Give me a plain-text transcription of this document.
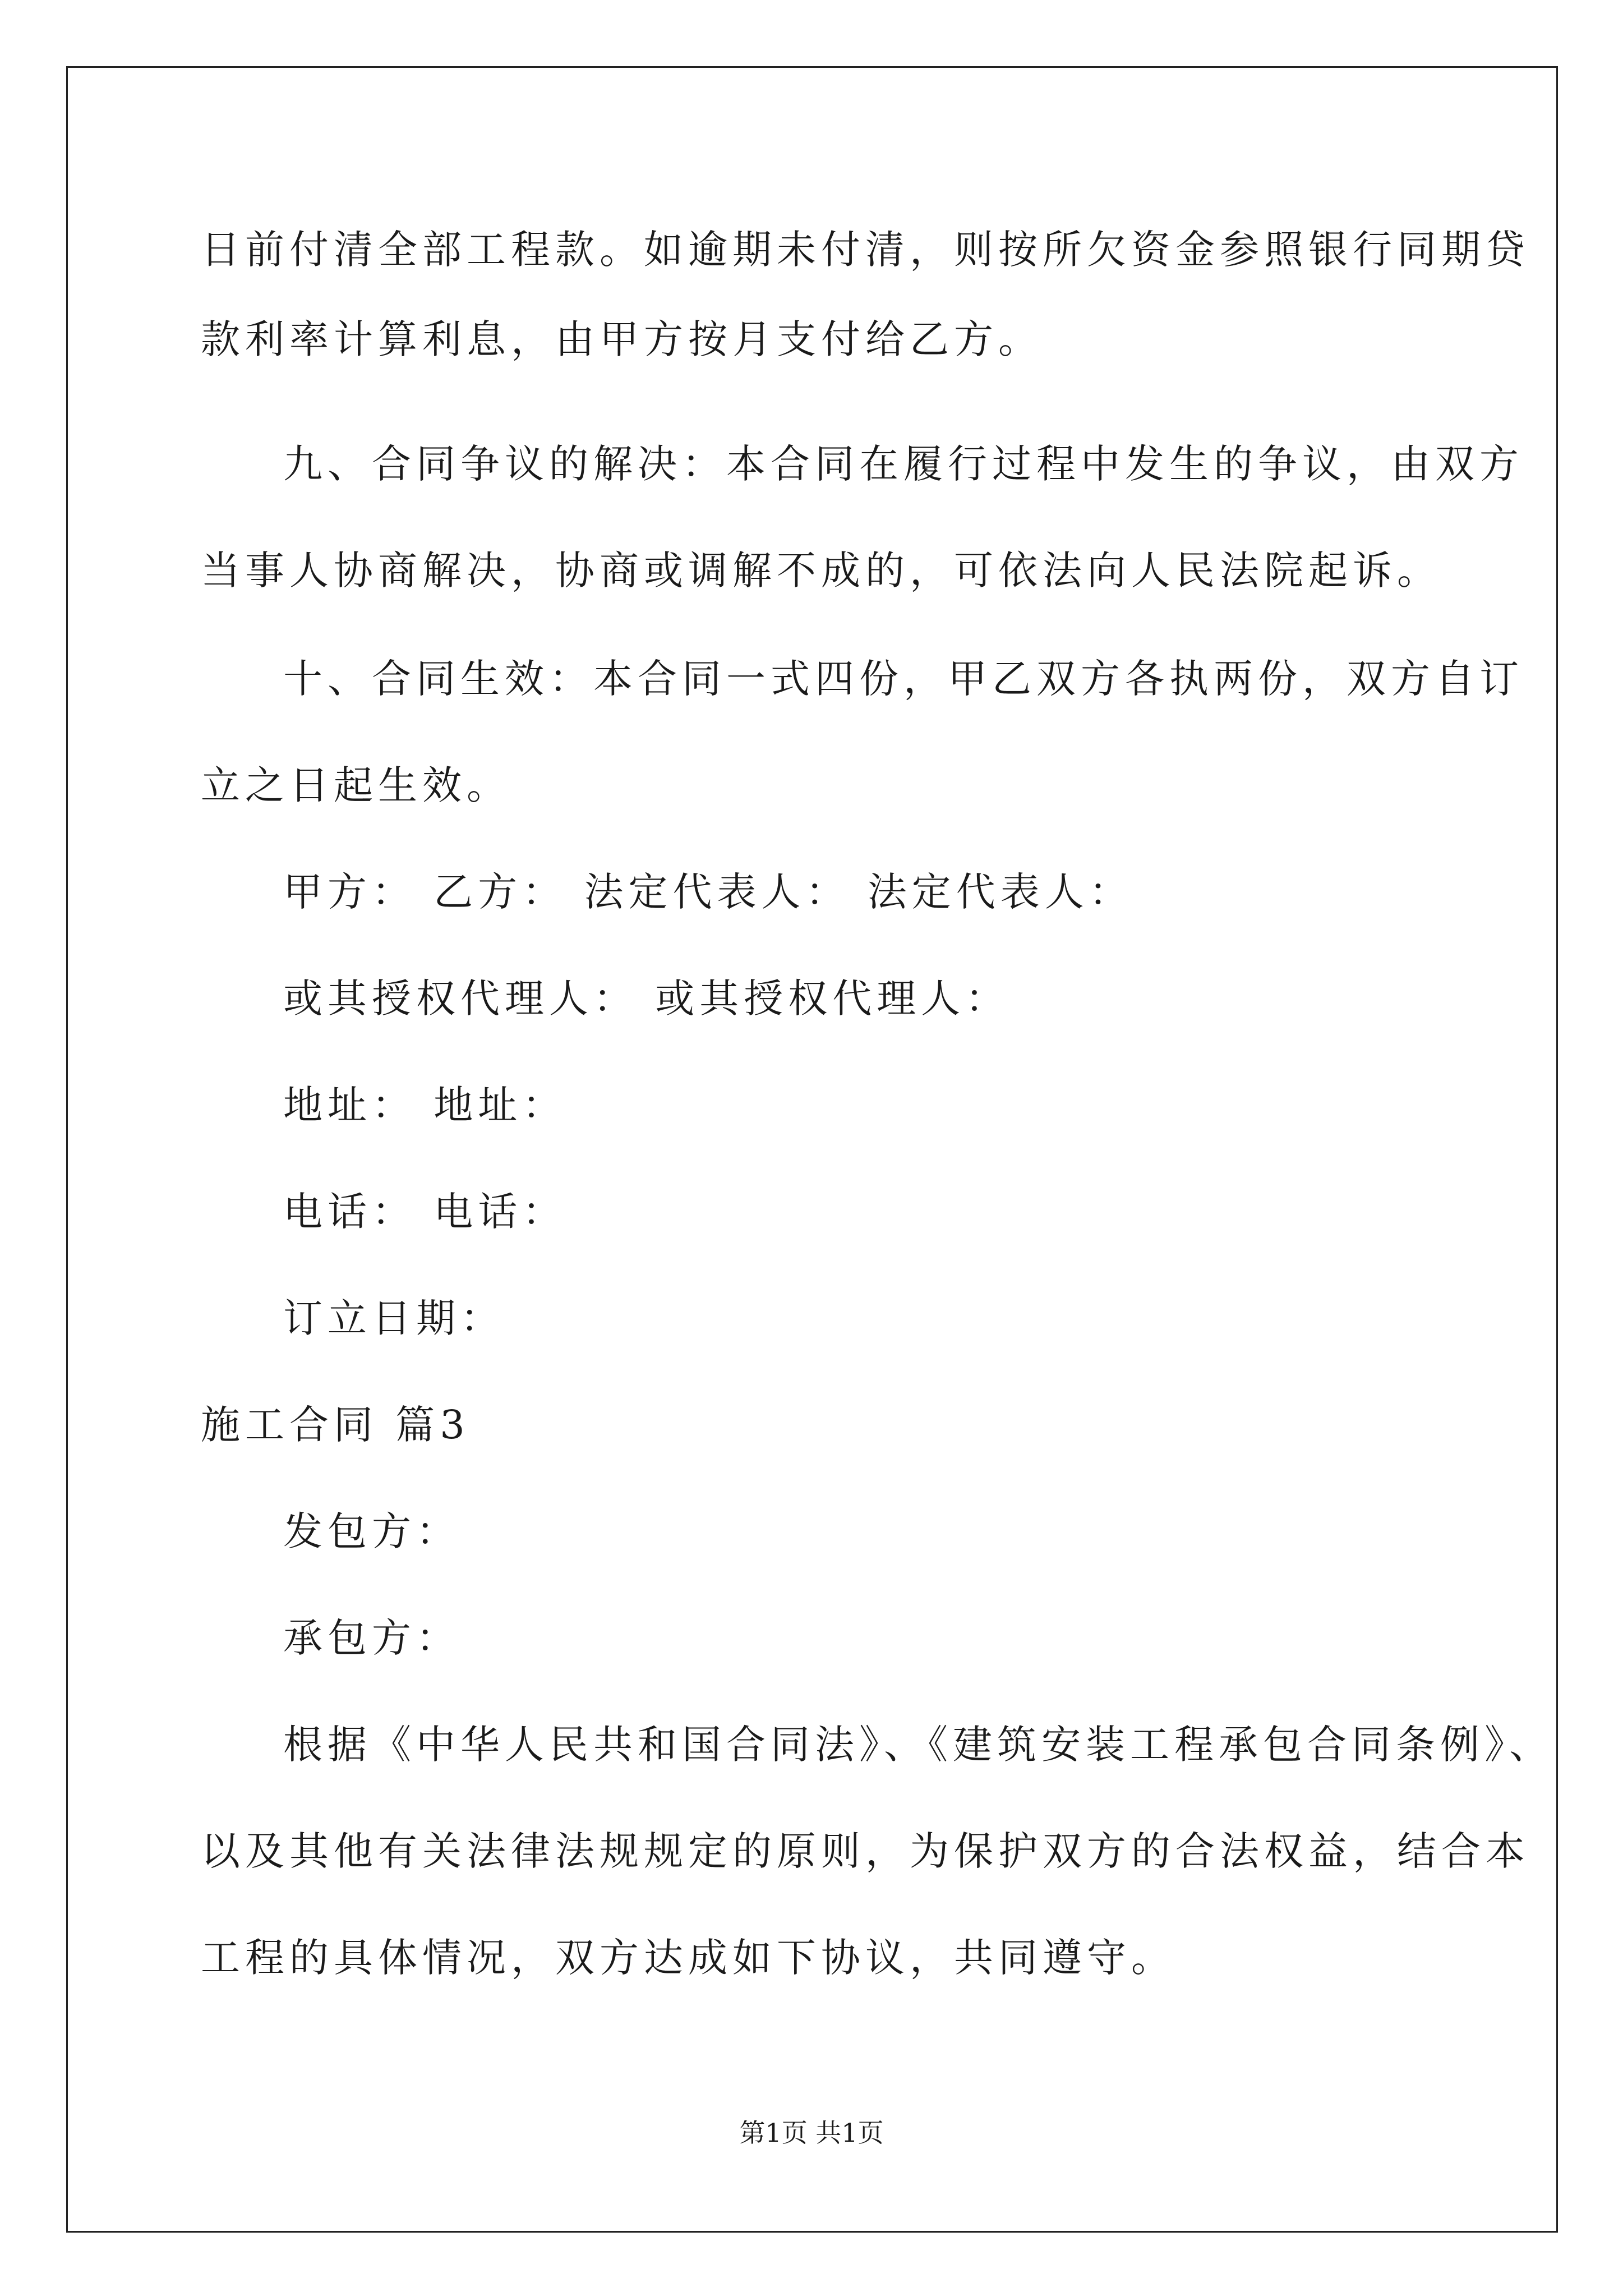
日前付清全部工程款。如逾期未付清，则按所欠资金参照银行同期贷
款利率计算利息，由甲方按月支付给乙方。
九、合同争议的解决：本合同在履行过程中发生的争议，由双方
当事人协商解决，协商或调解不成的，可依法向人民法院起诉。
十、合同生效：本合同一式四份，甲乙双方各执两份，双方自订
立之日起生效。
甲方： 乙方： 法定代表人： 法定代表人：
或其授权代理人： 或其授权代理人：
地址： 地址：
电话： 电话：
订立日期：
施工合同 篇3
发包方：
承包方：
根据《中华人民共和国合同法》、《建筑安装工程承包合同条例》、
以及其他有关法律法规规定的原则，为保护双方的合法权益，结合本
工程的具体情况，双方达成如下协议，共同遵守。
第1页 共1页
